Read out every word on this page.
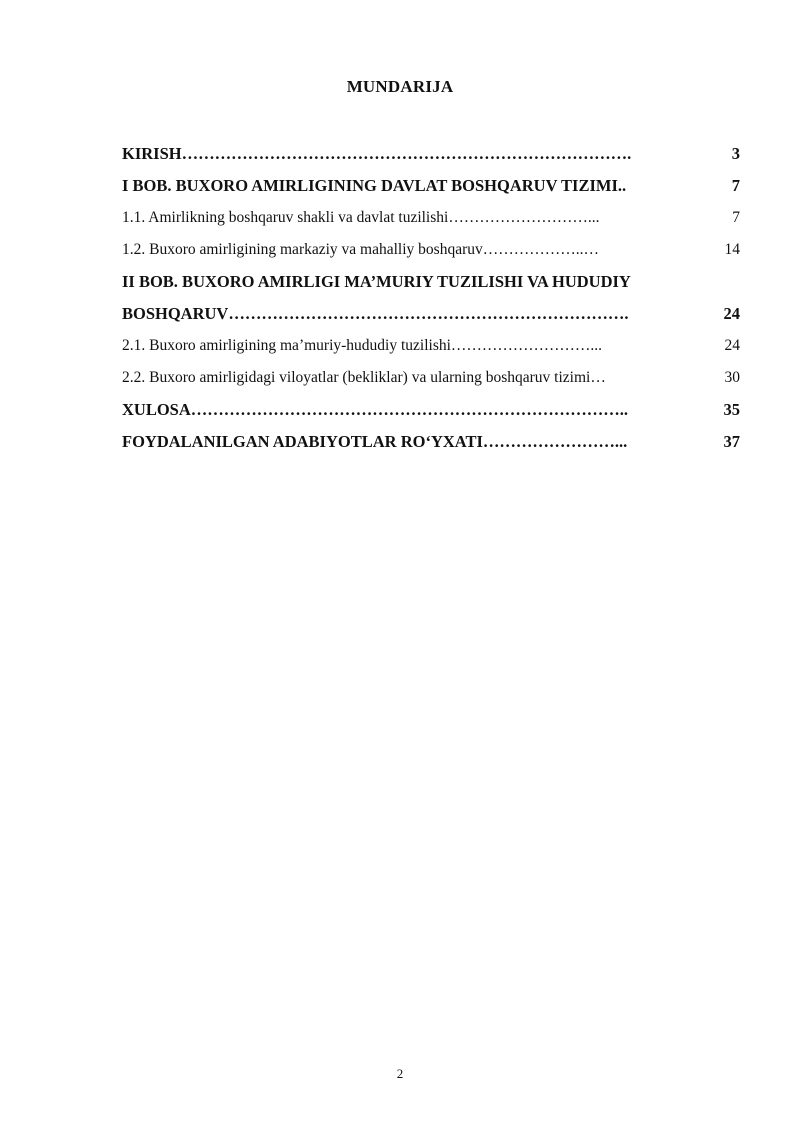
MUNDARIJA
KIRISH……………………………………………………………………….	3
I BOB. BUXORO AMIRLIGINING DAVLAT BOSHQARUV TIZIMI..	7
1.1. Amirlikning boshqaruv shakli va davlat tuzilishi………………………...	7
1.2. Buxoro amirligining markaziy va mahalliy boshqaruv………………..…	14
II BOB. BUXORO AMIRLIGI MA’MURIY TUZILISHI VA HUDUDIY
BOSHQARUV……………………………………………………………….	24
2.1. Buxoro amirligining ma’muriy-hududiy tuzilishi………………………...	24
2.2. Buxoro amirligidagi viloyatlar (bekliklar) va ularning boshqaruv tizimi…	30
XULOSA……………………………………………………………………..	35
FOYDALANILGAN ADABIYOTLAR RO‘YXATI……………………...	37
2
